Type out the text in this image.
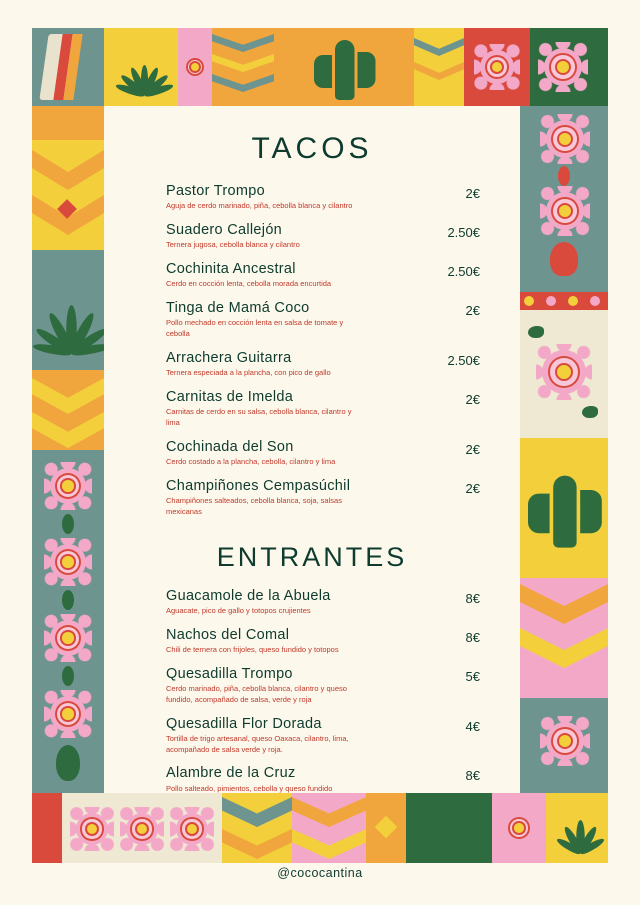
TACOS
Pastor Trompo
Aguja de cerdo marinado, piña, cebolla blanca y cilantro
2€
Suadero Callejón
Ternera jugosa, cebolla blanca y cilantro
2.50€
Cochinita Ancestral
Cerdo en cocción lenta, cebolla morada encurtida
2.50€
Tinga de Mamá Coco
Pollo mechado en cocción lenta en salsa de tomate y cebolla
2€
Arrachera Guitarra
Ternera especiada a la plancha, con pico de gallo
2.50€
Carnitas de Imelda
Carnitas de cerdo en su salsa, cebolla blanca, cilantro y lima
2€
Cochinada del Son
Cerdo costado a la plancha, cebolla, cilantro y lima
2€
Champiñones Cempasúchil
Champiñones salteados, cebolla blanca, soja, salsas mexicanas
2€
ENTRANTES
Guacamole de la Abuela
Aguacate, pico de gallo y totopos crujientes
8€
Nachos del Comal
Chili de ternera con frijoles, queso fundido y totopos
8€
Quesadilla Trompo
Cerdo marinado, piña, cebolla blanca, cilantro y queso fundido, acompañado de salsa, verde y roja
5€
Quesadilla Flor Dorada
Tortilla de trigo artesanal, queso Oaxaca, cilantro, lima, acompañado de salsa verde y roja.
4€
Alambre de la Cruz
Pollo salteado, pimientos, cebolla y queso fundido
8€
@cococantina
